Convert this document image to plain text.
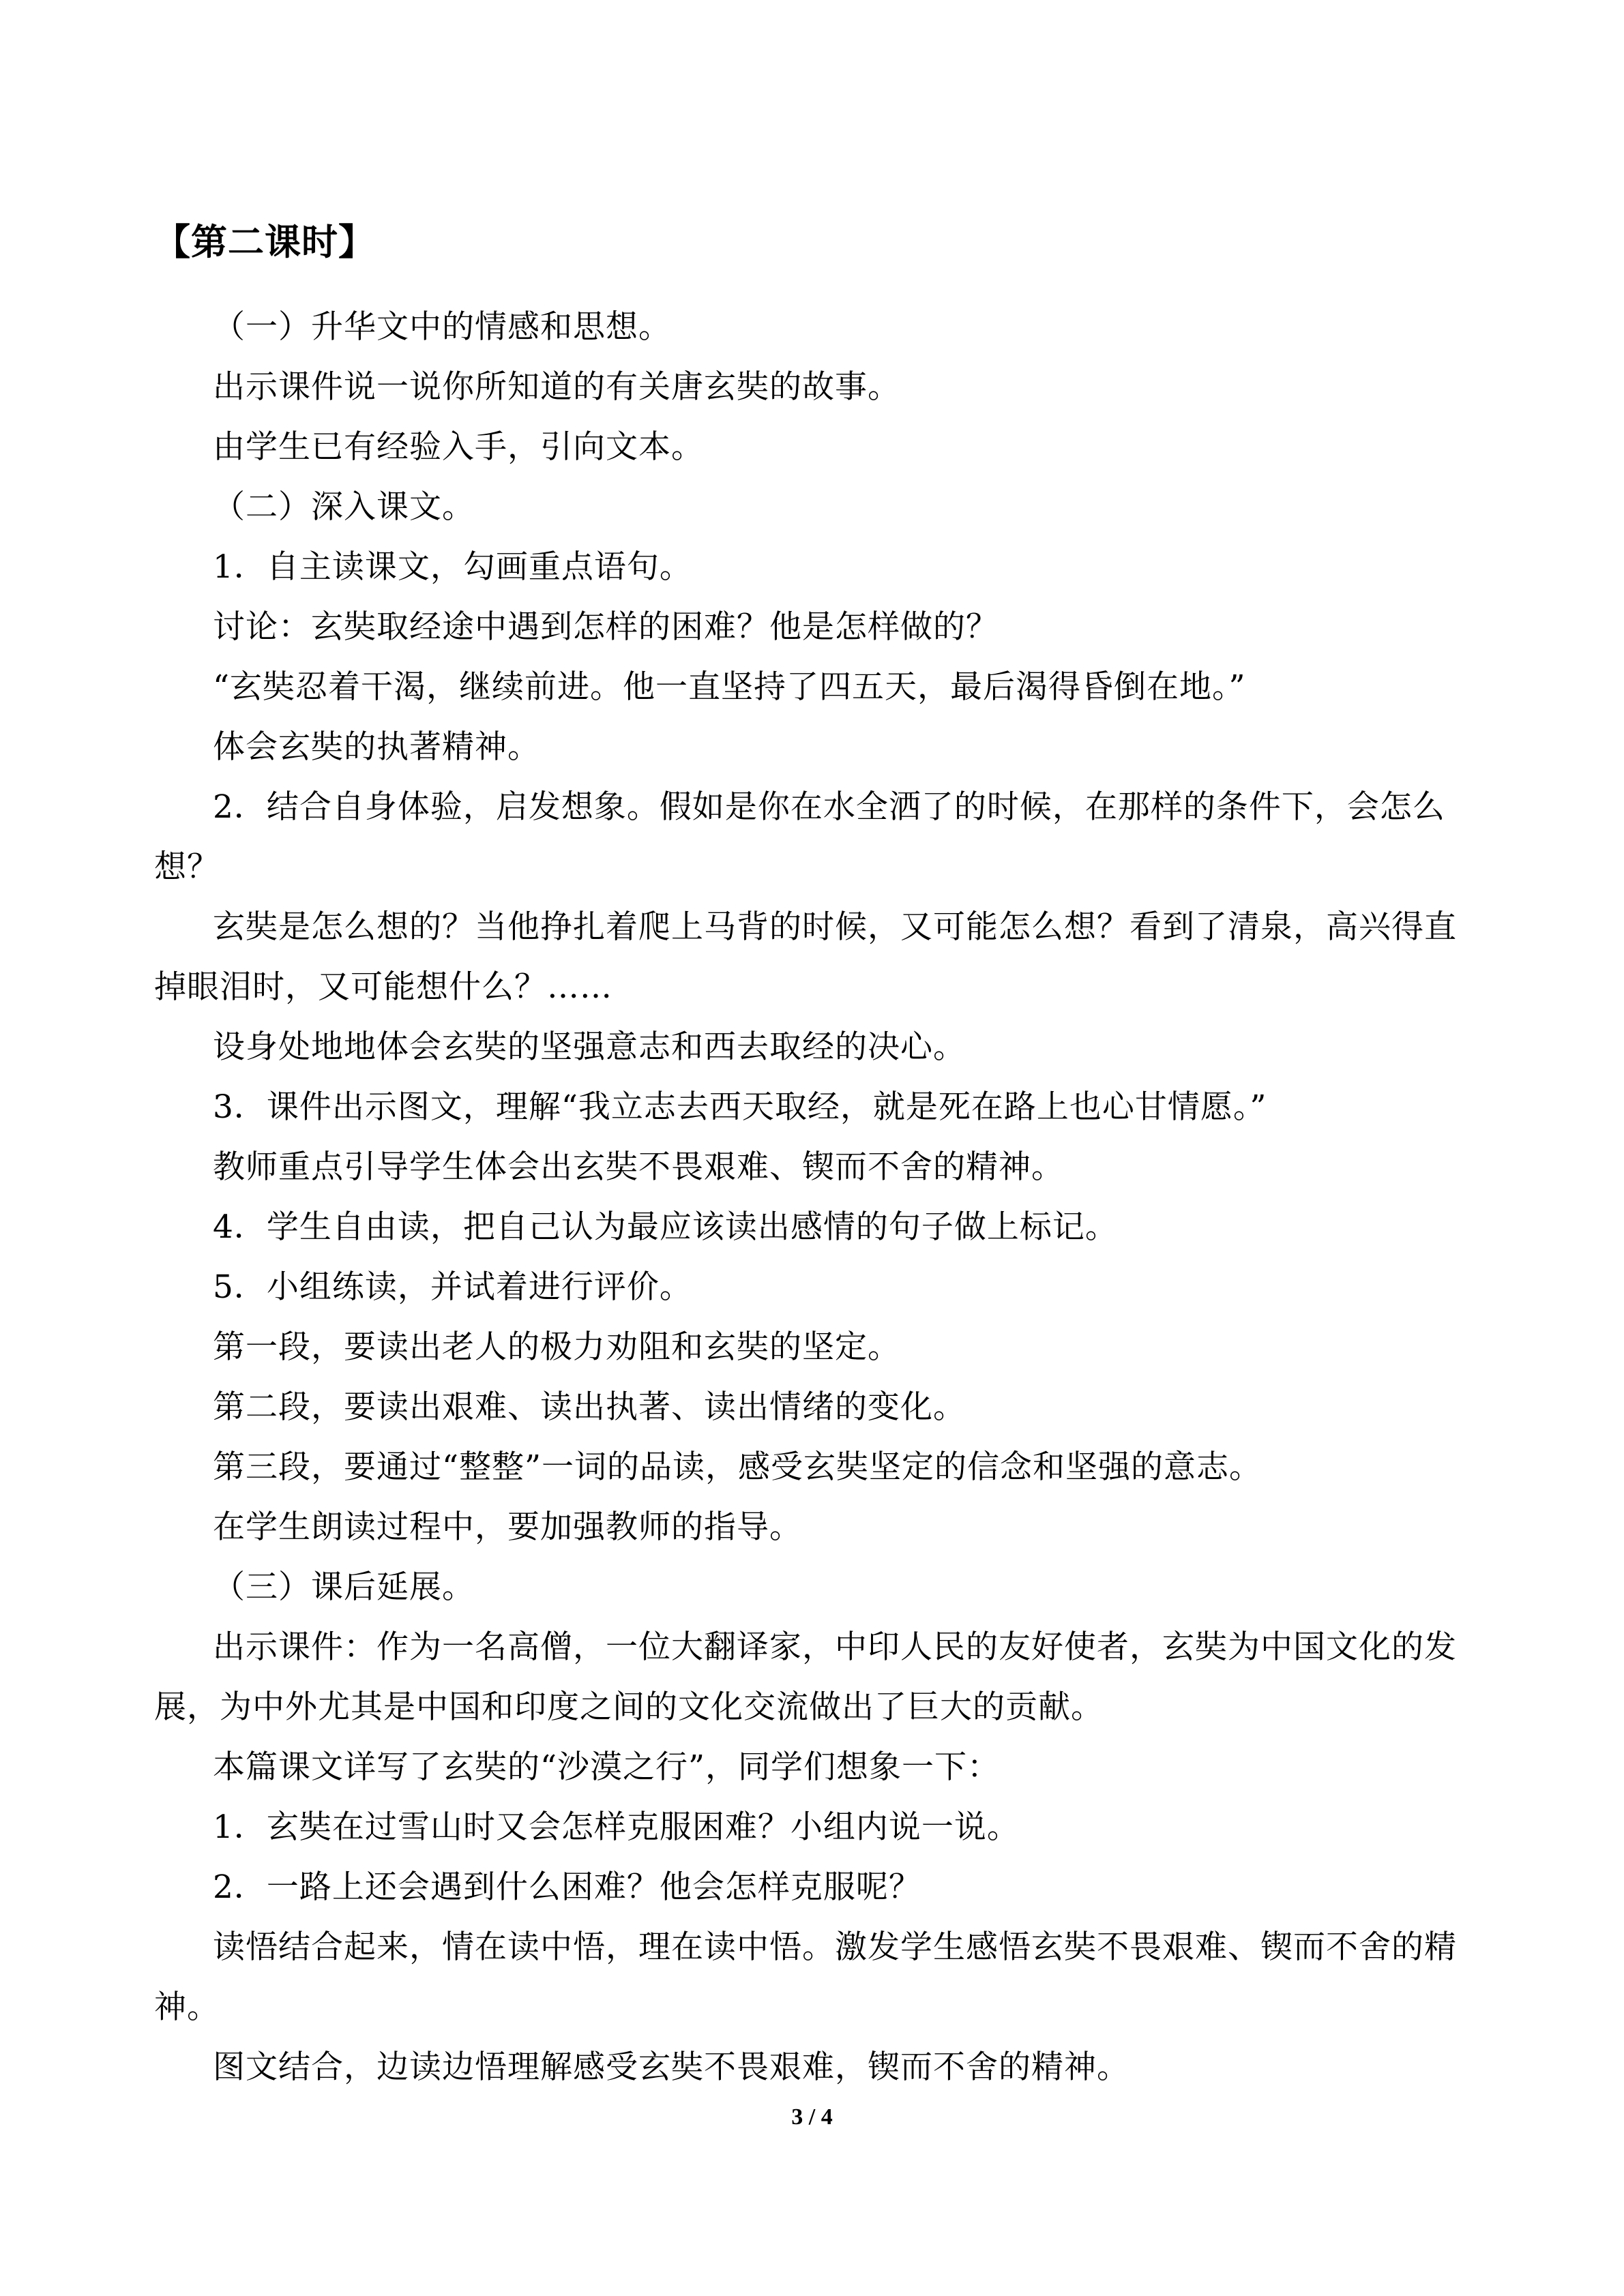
【第二课时】

（一）升华文中的情感和思想。

出示课件说一说你所知道的有关唐玄奘的故事。

由学生已有经验入手，引向文本。

（二）深入课文。

1．自主读课文，勾画重点语句。

讨论：玄奘取经途中遇到怎样的困难？他是怎样做的？

“玄奘忍着干渴，继续前进。他一直坚持了四五天，最后渴得昏倒在地。”

体会玄奘的执著精神。

2．结合自身体验，启发想象。假如是你在水全洒了的时候，在那样的条件下，会怎么想？

玄奘是怎么想的？当他挣扎着爬上马背的时候，又可能怎么想？看到了清泉，高兴得直掉眼泪时，又可能想什么？……

设身处地地体会玄奘的坚强意志和西去取经的决心。

3．课件出示图文，理解“我立志去西天取经，就是死在路上也心甘情愿。”

教师重点引导学生体会出玄奘不畏艰难、锲而不舍的精神。

4．学生自由读，把自己认为最应该读出感情的句子做上标记。

5．小组练读，并试着进行评价。

第一段，要读出老人的极力劝阻和玄奘的坚定。

第二段，要读出艰难、读出执著、读出情绪的变化。

第三段，要通过“整整”一词的品读，感受玄奘坚定的信念和坚强的意志。

在学生朗读过程中，要加强教师的指导。

（三）课后延展。

出示课件：作为一名高僧，一位大翻译家，中印人民的友好使者，玄奘为中国文化的发展，为中外尤其是中国和印度之间的文化交流做出了巨大的贡献。

本篇课文详写了玄奘的“沙漠之行”，同学们想象一下：

1．玄奘在过雪山时又会怎样克服困难？小组内说一说。

2．一路上还会遇到什么困难？他会怎样克服呢？

读悟结合起来，情在读中悟，理在读中悟。激发学生感悟玄奘不畏艰难、锲而不舍的精神。

图文结合，边读边悟理解感受玄奘不畏艰难，锲而不舍的精神。

3 / 4
